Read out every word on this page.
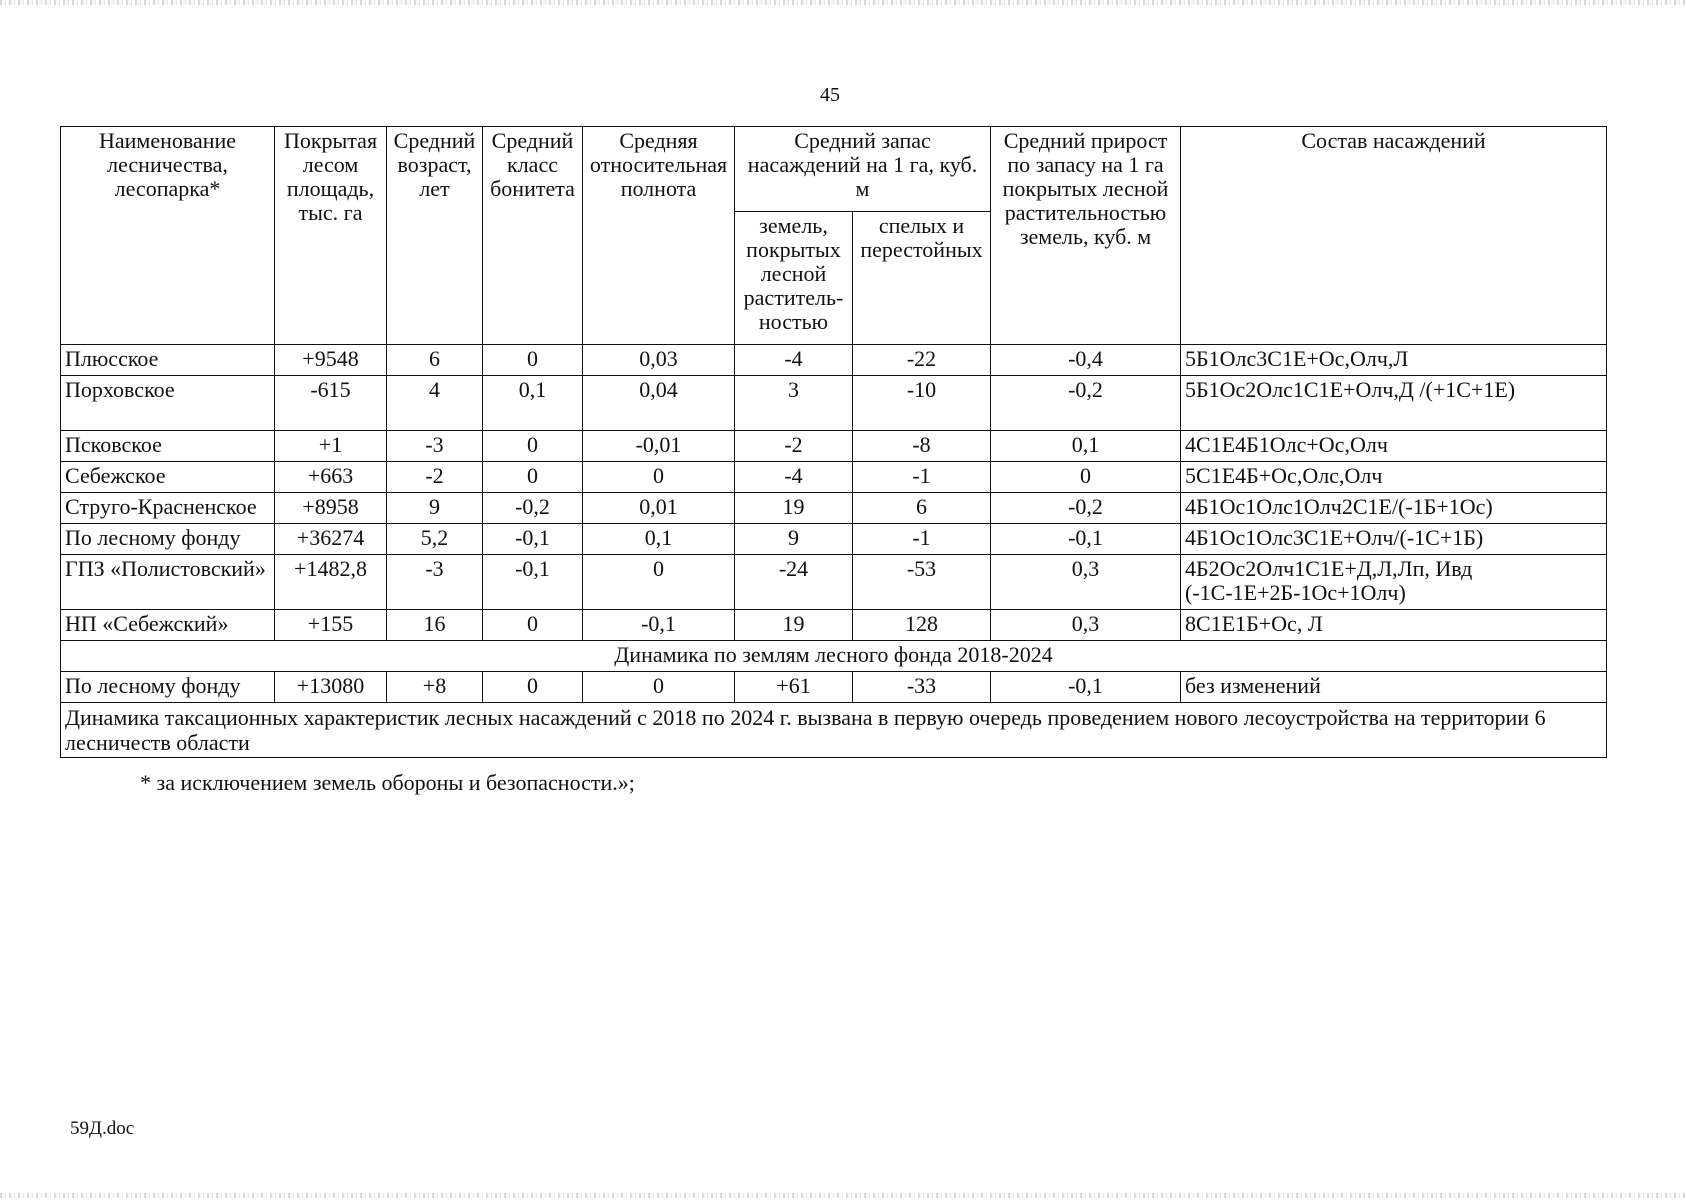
45
Наименование лесничества, лесопарка*	Покрытая лесом площадь, тыс. га	Средний возраст, лет	Средний класс бонитета	Средняя относительная полнота	Средний запас насаждений на 1 га, куб. м		Средний прирост по запасу на 1 га покрытых лесной растительностью земель, куб. м	Состав насаждений
					земель, покрытых лесной раститель-ностью	спелых и перестойных		
Плюсское	+9548	6	0	0,03	-4	-22	-0,4	5Б1Олс3С1Е+Ос,Олч,Л
Порховское	-615	4	0,1	0,04	3	-10	-0,2	5Б1Ос2Олс1С1Е+Олч,Д /(+1С+1Е)
Псковское	+1	-3	0	-0,01	-2	-8	0,1	4С1Е4Б1Олс+Ос,Олч
Себежское	+663	-2	0	0	-4	-1	0	5С1Е4Б+Ос,Олс,Олч
Струго-Красненское	+8958	9	-0,2	0,01	19	6	-0,2	4Б1Ос1Олс1Олч2С1Е/(-1Б+1Ос)
По лесному фонду	+36274	5,2	-0,1	0,1	9	-1	-0,1	4Б1Ос1Олс3С1Е+Олч/(-1С+1Б)
ГПЗ «Полистовский»	+1482,8	-3	-0,1	0	-24	-53	0,3	4Б2Ос2Олч1С1Е+Д,Л,Лп, Ивд (-1С-1Е+2Б-1Ос+1Олч)
НП «Себежский»	+155	16	0	-0,1	19	128	0,3	8С1Е1Б+Ос, Л
Динамика по землям лесного фонда 2018-2024								
По лесному фонду	+13080	+8	0	0	+61	-33	-0,1	без изменений
Динамика таксационных характеристик лесных насаждений с 2018 по 2024 г. вызвана в первую очередь проведением нового лесоустройства на территории 6 лесничеств области								
* за исключением земель обороны и безопасности.»;
59Д.doc
